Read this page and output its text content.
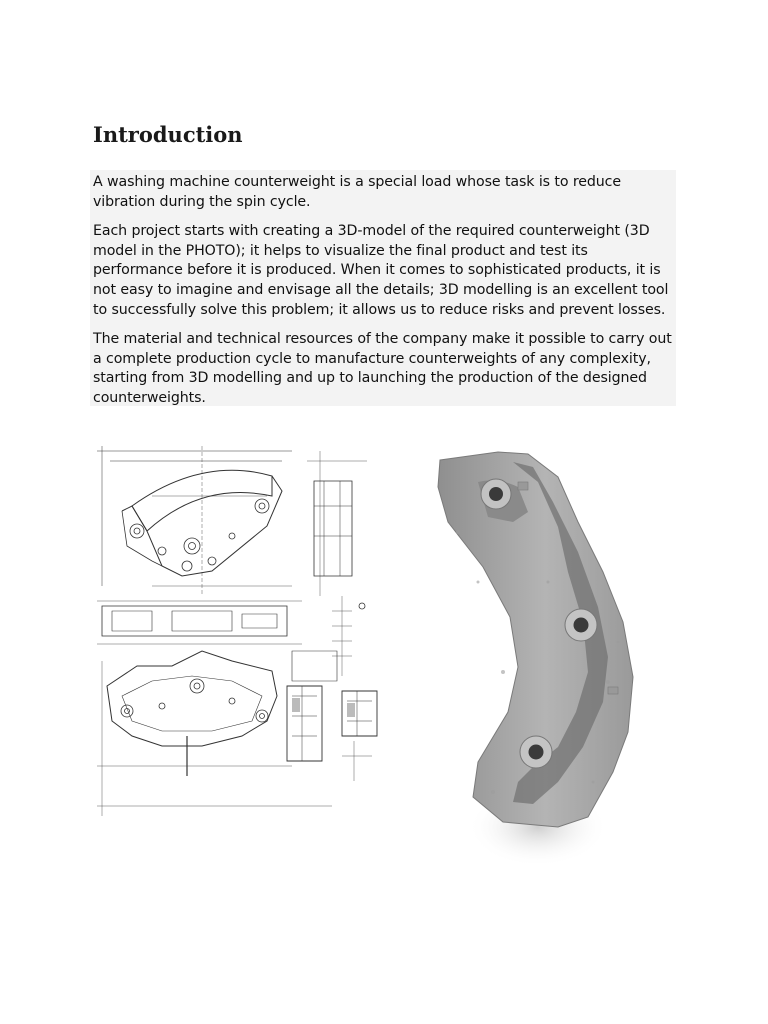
Introduction

A washing machine counterweight is a special load whose task is to reduce vibration during the spin cycle.

Each project starts with creating a 3D-model of the required counterweight (3D model in the PHOTO); it helps to visualize the final product and test its performance before it is produced. When it comes to sophisticated products, it is not easy to imagine and envisage all the details; 3D modelling is an excellent tool to successfully solve this problem; it allows us to reduce risks and prevent losses.

The material and technical resources of the company make it possible to carry out a complete production cycle to manufacture counterweights of any complexity, starting from 3D modelling and up to launching the production of the designed counterweights.
